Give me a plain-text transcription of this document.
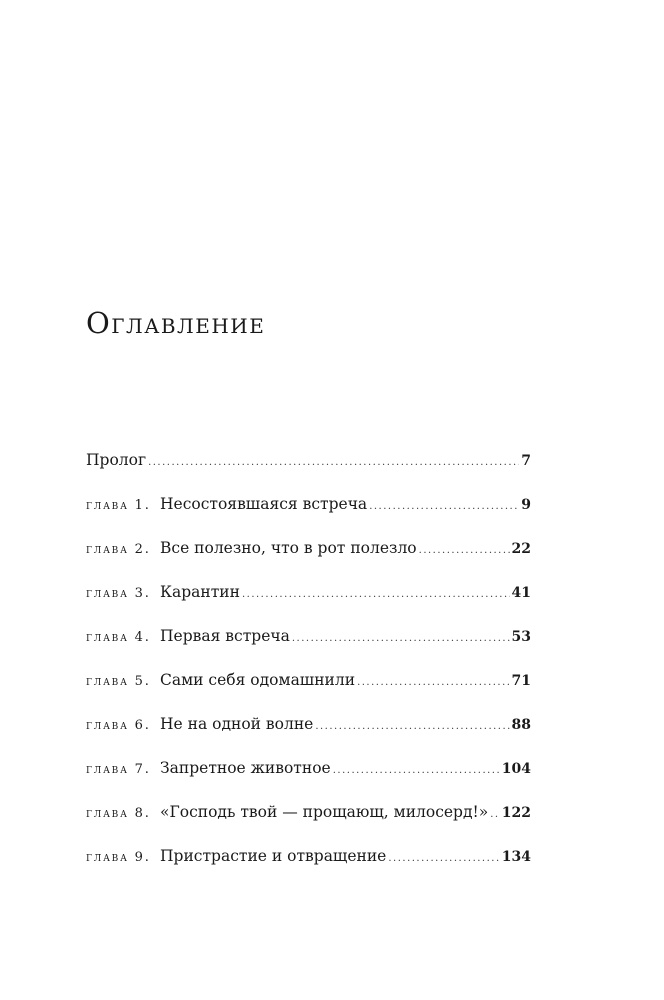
Оглавление
Пролог .....	7
глава 1. Несостоявшаяся встреча .....	9
глава 2. Все полезно, что в рот полезло .....	22
глава 3. Карантин .....	41
глава 4. Первая встреча .....	53
глава 5. Сами себя одомашнили .....	71
глава 6. Не на одной волне .....	88
глава 7. Запретное животное .....	104
глава 8. «Господь твой — прощающ, милосерд!» ..... 122
глава 9. Пристрастие и отвращение .....	134
